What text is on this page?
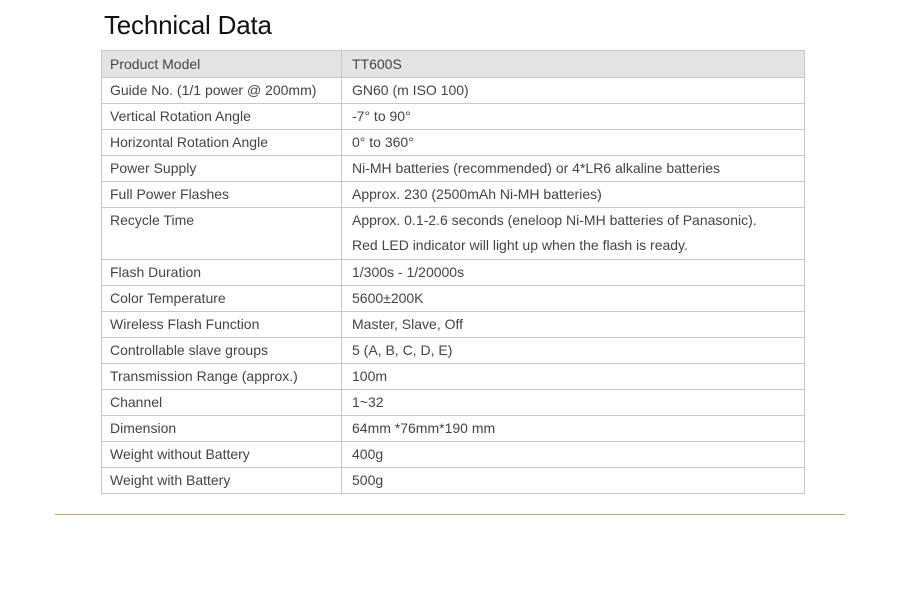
Technical Data
Product Model	TT600S
Guide No. (1/1 power @ 200mm)	GN60 (m ISO 100)
Vertical Rotation Angle	-7° to 90°
Horizontal Rotation Angle	0° to 360°
Power Supply	Ni-MH batteries (recommended) or 4*LR6 alkaline batteries
Full Power Flashes	Approx. 230 (2500mAh Ni-MH batteries)
Recycle Time	Approx. 0.1-2.6 seconds (eneloop Ni-MH batteries of Panasonic).
Red LED indicator will light up when the flash is ready.

Flash Duration	1/300s - 1/20000s
Color Temperature	5600±200K
Wireless Flash Function	Master, Slave, Off
Controllable slave groups	5 (A, B, C, D, E)
Transmission Range (approx.)	100m
Channel	1~32
Dimension	64mm *76mm*190 mm
Weight without Battery	400g
Weight with Battery	500g
